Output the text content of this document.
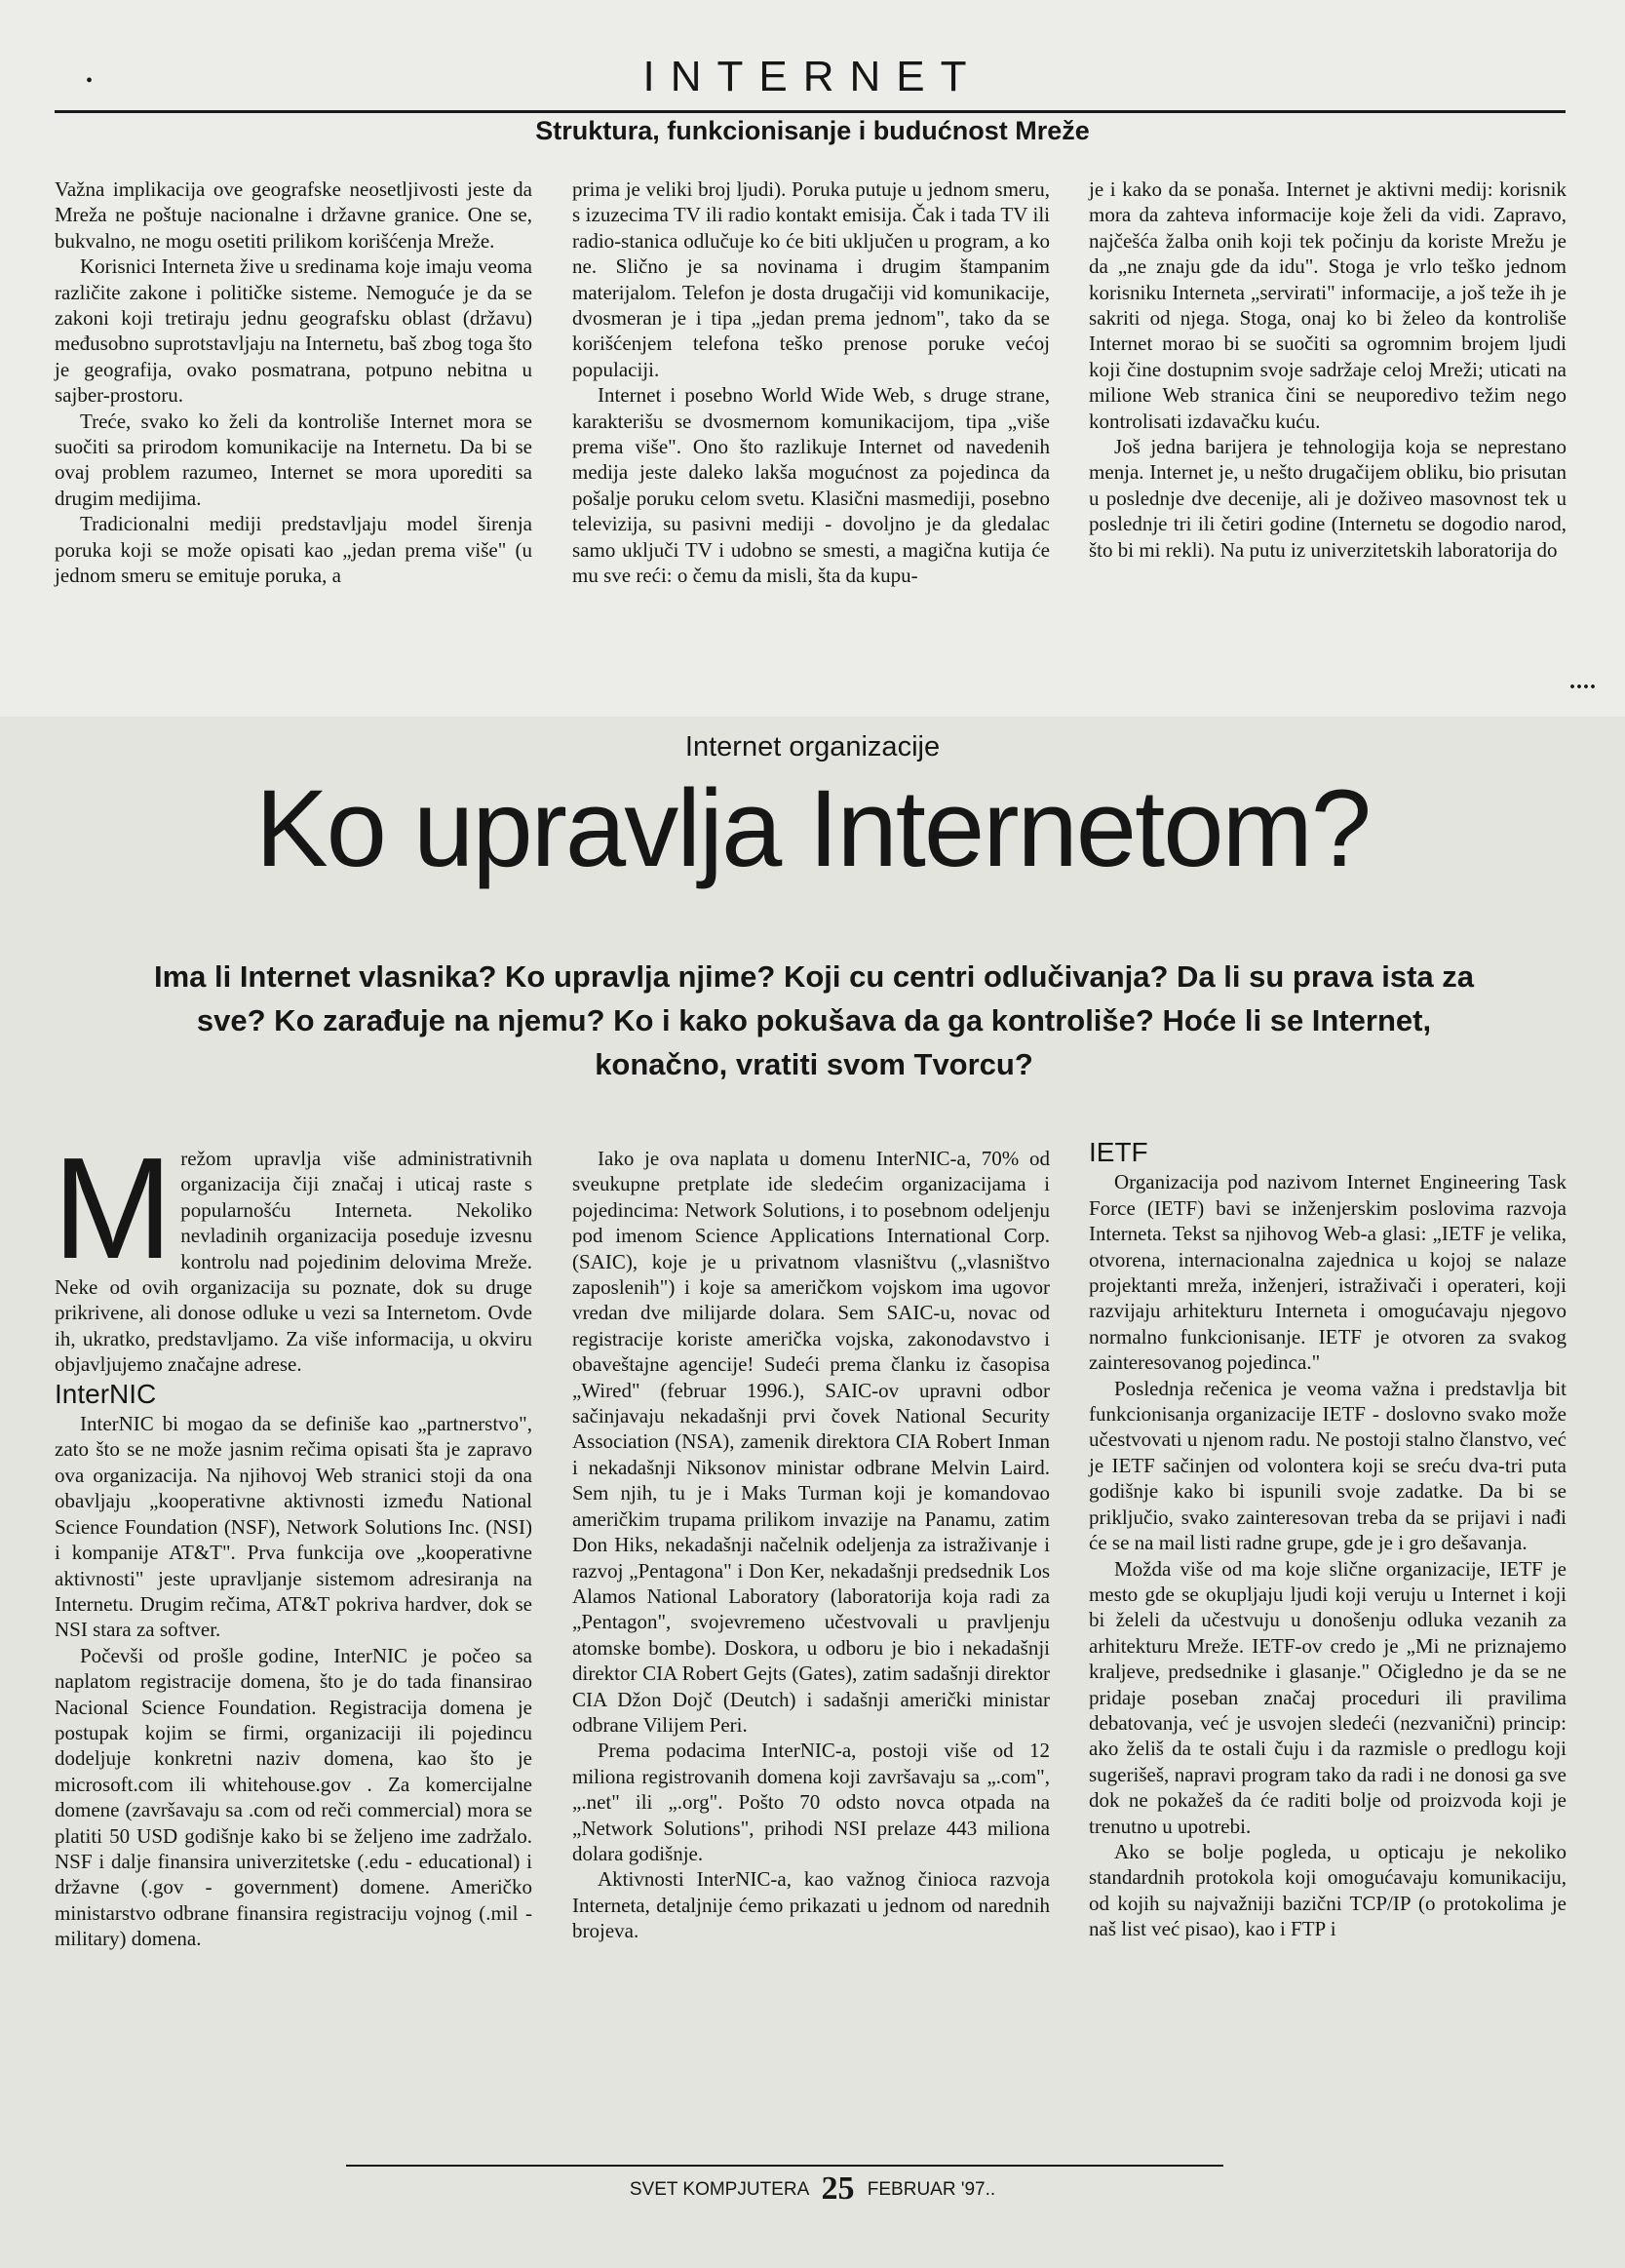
•	INTERNET
Struktura, funkcionisanje i budućnost Mreže

Važna implikacija ove geografske neosetljivosti jeste da Mreža ne poštuje nacionalne i državne granice. One se, bukvalno, ne mogu osetiti prilikom korišćenja Mreže.

Korisnici Interneta žive u sredinama koje imaju veoma različite zakone i političke sisteme. Nemoguće je da se zakoni koji tretiraju jednu geografsku oblast (državu) međusobno suprotstavljaju na Internetu, baš zbog toga što je geografija, ovako posmatrana, potpuno nebitna u sajber-prostoru.

Treće, svako ko želi da kontroliše Internet mora se suočiti sa prirodom komunikacije na Internetu. Da bi se ovaj problem razumeo, Internet se mora uporediti sa drugim medijima.

Tradicionalni mediji predstavljaju model širenja poruka koji se može opisati kao „jedan prema više" (u jednom smeru se emituje poruka, a

prima je veliki broj ljudi). Poruka putuje u jednom smeru, s izuzecima TV ili radio kontakt emisija. Čak i tada TV ili radio-stanica odlučuje ko će biti uključen u program, a ko ne. Slično je sa novinama i drugim štampanim materijalom. Telefon je dosta drugačiji vid komunikacije, dvosmeran je i tipa „jedan prema jednom", tako da se korišćenjem telefona teško prenose poruke većoj populaciji.

Internet i posebno World Wide Web, s druge strane, karakterišu se dvosmernom komunikacijom, tipa „više prema više". Ono što razlikuje Internet od navedenih medija jeste daleko lakša mogućnost za pojedinca da pošalje poruku celom svetu. Klasični masmediji, posebno televizija, su pasivni mediji - dovoljno je da gledalac samo uključi TV i udobno se smesti, a magična kutija će mu sve reći: o čemu da misli, šta da kupu-

je i kako da se ponaša. Internet je aktivni medij: korisnik mora da zahteva informacije koje želi da vidi. Zapravo, najčešća žalba onih koji tek počinju da koriste Mrežu je da „ne znaju gde da idu". Stoga je vrlo teško jednom korisniku Interneta „servirati" informacije, a još teže ih je sakriti od njega. Stoga, onaj ko bi želeo da kontroliše Internet morao bi se suočiti sa ogromnim brojem ljudi koji čine dostupnim svoje sadržaje celoj Mreži; uticati na milione Web stranica čini se neuporedivo težim nego kontrolisati izdavačku kuću.

Još jedna barijera je tehnologija koja se neprestano menja. Internet je, u nešto drugačijem obliku, bio prisutan u poslednje dve decenije, ali je doživeo masovnost tek u poslednje tri ili četiri godine (Internetu se dogodio narod, što bi mi rekli). Na putu iz univerzitetskih laboratorija do

....
Internet organizacije
Ko upravlja Internetom?
Ima li Internet vlasnika? Ko upravlja njime? Koji cu centri odlučivanja? Da li su prava ista za sve? Ko zarađuje na njemu? Ko i kako pokušava da ga kontroliše? Hoće li se Internet, konačno, vratiti svom Tvorcu?

Mrežom upravlja više administrativnih organizacija čiji značaj i uticaj raste s popularnošću Interneta. Nekoliko nevladinih organizacija poseduje izvesnu kontrolu nad pojedinim delovima Mreže. Neke od ovih organizacija su poznate, dok su druge prikrivene, ali donose odluke u vezi sa Internetom. Ovde ih, ukratko, predstavljamo. Za više informacija, u okviru objavljujemo značajne adrese.

InterNIC

InterNIC bi mogao da se definiše kao „partnerstvo", zato što se ne može jasnim rečima opisati šta je zapravo ova organizacija. Na njihovoj Web stranici stoji da ona obavljaju „kooperativne aktivnosti između National Science Foundation (NSF), Network Solutions Inc. (NSI) i kompanije AT&T". Prva funkcija ove „kooperativne aktivnosti" jeste upravljanje sistemom adresiranja na Internetu. Drugim rečima, AT&T pokriva hardver, dok se NSI stara za softver.

Počevši od prošle godine, InterNIC je počeo sa naplatom registracije domena, što je do tada finansirao Nacional Science Foundation. Registracija domena je postupak kojim se firmi, organizaciji ili pojedincu dodeljuje konkretni naziv domena, kao što je microsoft.com ili whitehouse.gov . Za komercijalne domene (završavaju sa .com od reči commercial) mora se platiti 50 USD godišnje kako bi se željeno ime zadržalo. NSF i dalje finansira univerzitetske (.edu - educational) i državne (.gov - government) domene. Američko ministarstvo odbrane finansira registraciju vojnog (.mil - military) domena.

Iako je ova naplata u domenu InterNIC-a, 70% od sveukupne pretplate ide sledećim organizacijama i pojedincima: Network Solutions, i to posebnom odeljenju pod imenom Science Applications International Corp. (SAIC), koje je u privatnom vlasništvu („vlasništvo zaposlenih") i koje sa američkom vojskom ima ugovor vredan dve milijarde dolara. Sem SAIC-u, novac od registracije koriste američka vojska, zakonodavstvo i obaveštajne agencije! Sudeći prema članku iz časopisa „Wired" (februar 1996.), SAIC-ov upravni odbor sačinjavaju nekadašnji prvi čovek National Security Association (NSA), zamenik direktora CIA Robert Inman i nekadašnji Niksonov ministar odbrane Melvin Laird. Sem njih, tu je i Maks Turman koji je komandovao američkim trupama prilikom invazije na Panamu, zatim Don Hiks, nekadašnji načelnik odeljenja za istraživanje i razvoj „Pentagona" i Don Ker, nekadašnji predsednik Los Alamos National Laboratory (laboratorija koja radi za „Pentagon", svojevremeno učestvovali u pravljenju atomske bombe). Doskora, u odboru je bio i nekadašnji direktor CIA Robert Gejts (Gates), zatim sadašnji direktor CIA Džon Dojč (Deutch) i sadašnji američki ministar odbrane Vilijem Peri.

Prema podacima InterNIC-a, postoji više od 12 miliona registrovanih domena koji završavaju sa „.com", „.net" ili „.org". Pošto 70 odsto novca otpada na „Network Solutions", prihodi NSI prelaze 443 miliona dolara godišnje.

Aktivnosti InterNIC-a, kao važnog činioca razvoja Interneta, detaljnije ćemo prikazati u jednom od narednih brojeva.

IETF

Organizacija pod nazivom Internet Engineering Task Force (IETF) bavi se inženjerskim poslovima razvoja Interneta. Tekst sa njihovog Web-a glasi: „IETF je velika, otvorena, internacionalna zajednica u kojoj se nalaze projektanti mreža, inženjeri, istraživači i operateri, koji razvijaju arhitekturu Interneta i omogućavaju njegovo normalno funkcionisanje. IETF je otvoren za svakog zainteresovanog pojedinca."

Poslednja rečenica je veoma važna i predstavlja bit funkcionisanja organizacije IETF - doslovno svako može učestvovati u njenom radu. Ne postoji stalno članstvo, već je IETF sačinjen od volontera koji se sreću dva-tri puta godišnje kako bi ispunili svoje zadatke. Da bi se priključio, svako zainteresovan treba da se prijavi i nađi će se na mail listi radne grupe, gde je i gro dešavanja.

Možda više od ma koje slične organizacije, IETF je mesto gde se okupljaju ljudi koji veruju u Internet i koji bi želeli da učestvuju u donošenju odluka vezanih za arhitekturu Mreže. IETF-ov credo je „Mi ne priznajemo kraljeve, predsednike i glasanje." Očigledno je da se ne pridaje poseban značaj proceduri ili pravilima debatovanja, već je usvojen sledeći (nezvanični) princip: ako želiš da te ostali čuju i da razmisle o predlogu koji sugerišeš, napravi program tako da radi i ne donosi ga sve dok ne pokažeš da će raditi bolje od proizvoda koji je trenutno u upotrebi.

Ako se bolje pogleda, u opticaju je nekoliko standardnih protokola koji omogućavaju komunikaciju, od kojih su najvažniji bazični TCP/IP (o protokolima je naš list već pisao), kao i FTP i

SVET KOMPJUTERA 25 FEBRUAR '97..
